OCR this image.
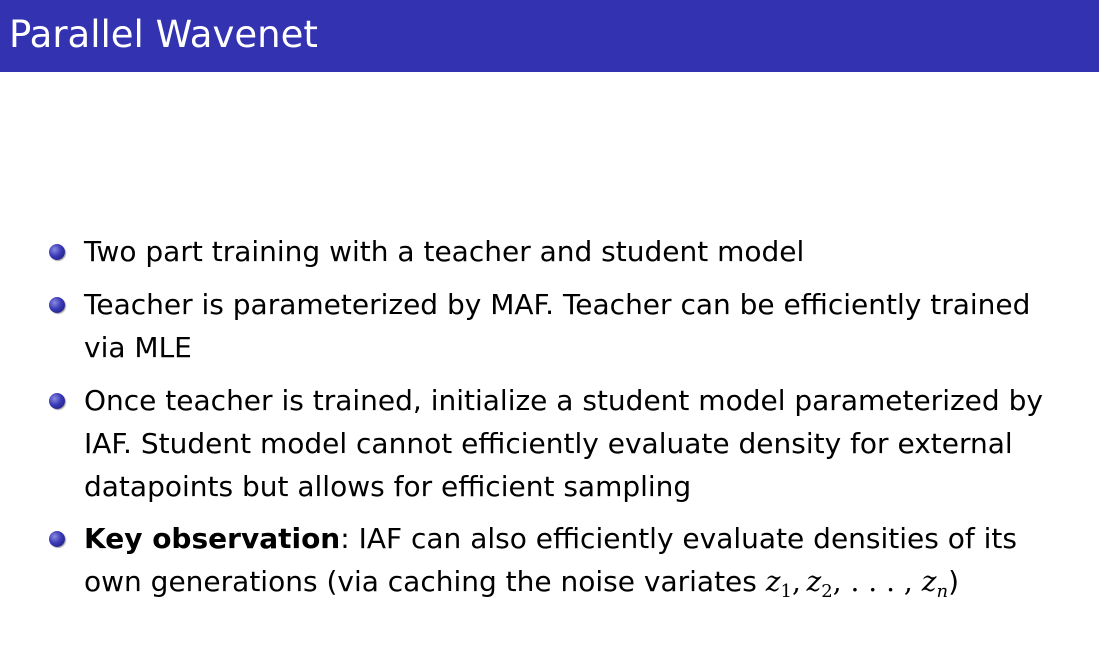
Parallel Wavenet
Two part training with a teacher and student model
Teacher is parameterized by MAF. Teacher can be efficiently trained
via MLE
Once teacher is trained, initialize a student model parameterized by
IAF. Student model cannot efficiently evaluate density for external
datapoints but allows for efficient sampling
Key observation: IAF can also efficiently evaluate densities of its
own generations (via caching the noise variates $z_1$,  $z_2$, . . . , $z_n$)
